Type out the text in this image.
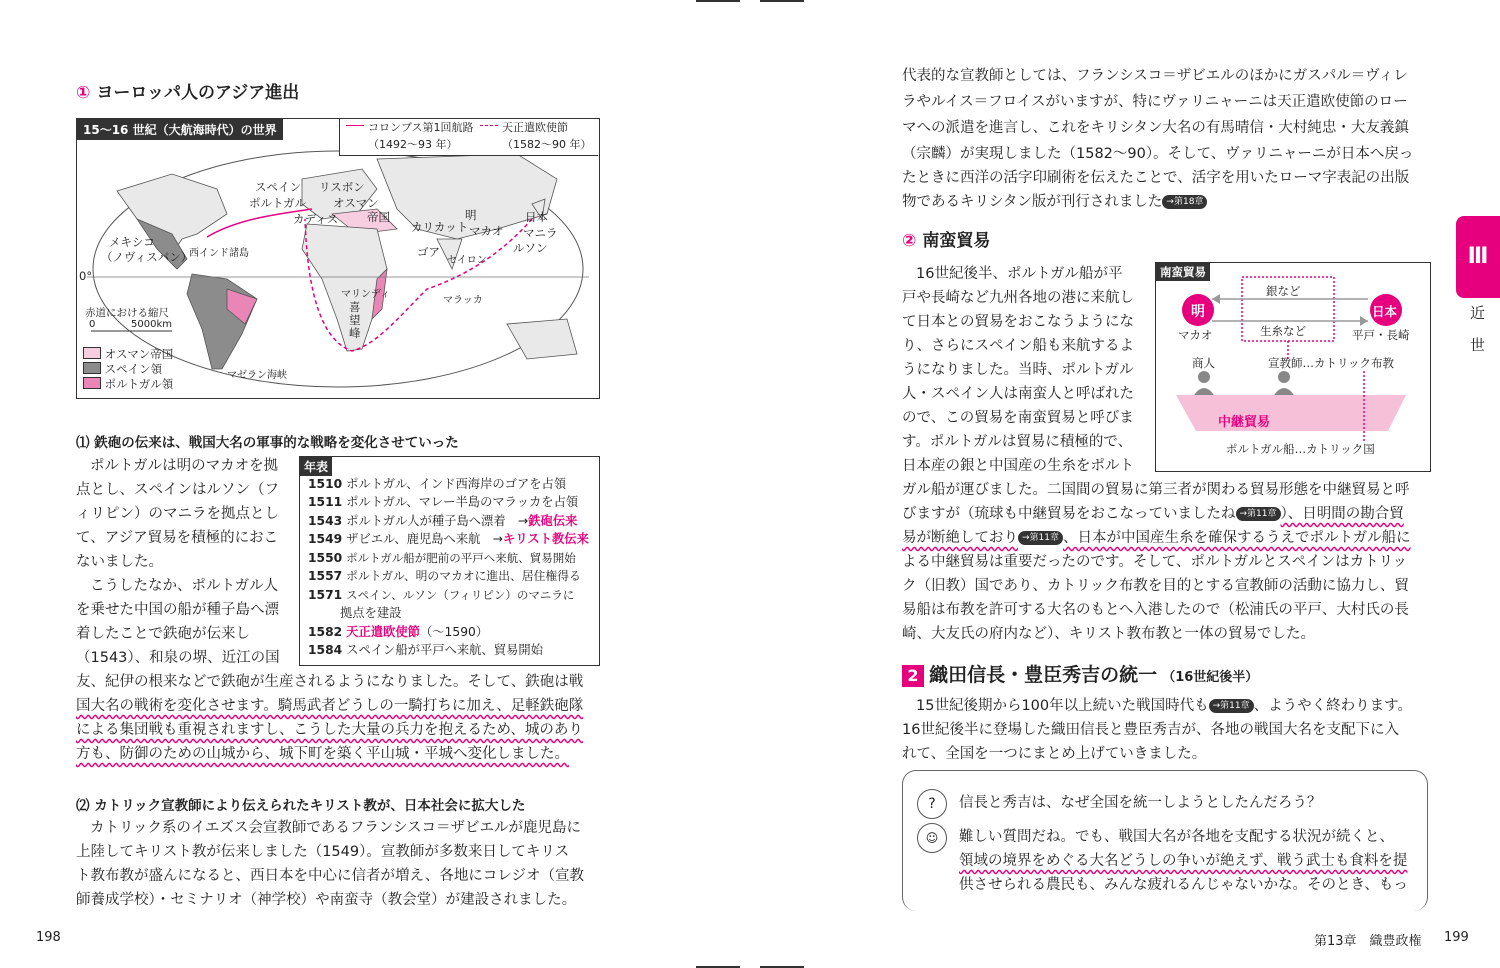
① ヨーロッパ人のアジア進出
15〜16 世紀（大航海時代）の世界	コロンブス第1回航路
（1492〜93 年）
天正遣欧使節
（1582〜90 年）
スペイン リスボン
ポルトガル オスマン
帝国
カディス
メキシコ
（ノヴィスパン）
西インド諸島
カリカット
明	日本
マカオ マニラ
ルソン
ゴア
セイロン
マリンディ
喜望峰
マラッカ
マゼラン海峡
0°
赤道における縮尺
0	5000km
オスマン帝国
スペイン領
ポルトガル領
⑴ 鉄砲の伝来は、戦国大名の軍事的な戦略を変化させていった
ポルトガルは明のマカオを拠
点とし、スペインはルソン（フ
ィリピン）のマニラを拠点とし
て、アジア貿易を積極的におこ
ないました。
こうしたなか、ポルトガル人
を乗せた中国の船が種子島へ漂
着したことで鉄砲が伝来し
（1543）、和泉の堺、近江の国
友、紀伊の根来などで鉄砲が生産されるようになりました。そして、鉄砲は戦
国大名の戦術を変化させます。騎馬武者どうしの一騎打ちに加え、足軽鉄砲隊
による集団戦も重視されますし、こうした大量の兵力を抱えるため、城のあり
方も、防御のための山城から、城下町を築く平山城・平城へ変化しました。
年表
1510 ポルトガル、インド西海岸のゴアを占領
1511 ポルトガル、マレー半島のマラッカを占領
1543 ポルトガル人が種子島へ漂着　→鉄砲伝来
1549 ザビエル、鹿児島へ来航　→キリスト教伝来
1550 ポルトガル船が肥前の平戸へ来航、貿易開始
1557 ポルトガル、明のマカオに進出、居住権得る
1571 スペイン、ルソン（フィリピン）のマニラに
拠点を建設
1582 天正遣欧使節（〜1590）
1584 スペイン船が平戸へ来航、貿易開始
⑵ カトリック宣教師により伝えられたキリスト教が、日本社会に拡大した
カトリック系のイエズス会宣教師であるフランシスコ＝ザビエルが鹿児島に
上陸してキリスト教が伝来しました（1549）。宣教師が多数来日してキリス
ト教布教が盛んになると、西日本を中心に信者が増え、各地にコレジオ（宣教
師養成学校）・セミナリオ（神学校）や南蛮寺（教会堂）が建設されました。
198
代表的な宣教師としては、フランシスコ＝ザビエルのほかにガスパル＝ヴィレ
ラやルイス＝フロイスがいますが、特にヴァリニャーニは天正遣欧使節のロー
マへの派遣を進言し、これをキリシタン大名の有馬晴信・大村純忠・大友義鎮
（宗麟）が実現しました（1582〜90）。そして、ヴァリニャーニが日本へ戻っ
たときに西洋の活字印刷術を伝えたことで、活字を用いたローマ字表記の出版
物であるキリシタン版が刊行されました →第18章
② 南蛮貿易
16世紀後半、ポルトガル船が平
戸や長崎など九州各地の港に来航し
て日本との貿易をおこなうようにな
り、さらにスペイン船も来航するよ
うになりました。当時、ポルトガル
人・スペイン人は南蛮人と呼ばれた
ので、この貿易を南蛮貿易と呼びま
す。ポルトガルは貿易に積極的で、
日本産の銀と中国産の生糸をポルト
南蛮貿易
明	日本
マカオ	平戸・長崎
銀など
生糸など
商人	宣教師…カトリック布教
中継貿易
ポルトガル船…カトリック国
ガル船が運びました。二国間の貿易に第三者が関わる貿易形態を中継貿易と呼
びますが（琉球も中継貿易をおこなっていましたね →第11章 ）、日明間の勘合貿
易が断絶しており →第11章 、日本が中国産生糸を確保するうえでポルトガル船に
よる中継貿易は重要だったのです。そして、ポルトガルとスペインはカトリッ
ク（旧教）国であり、カトリック布教を目的とする宣教師の活動に協力し、貿
易船は布教を許可する大名のもとへ入港したので（松浦氏の平戸、大村氏の長
崎、大友氏の府内など）、キリスト教布教と一体の貿易でした。
2 織田信長・豊臣秀吉の統一 （16世紀後半）
15世紀後期から100年以上続いた戦国時代も →第11章 、ようやく終わります。
16世紀後半に登場した織田信長と豊臣秀吉が、各地の戦国大名を支配下に入
れて、全国を一つにまとめ上げていきました。
?
☺
信長と秀吉は、なぜ全国を統一しようとしたんだろう？
難しい質問だね。でも、戦国大名が各地を支配する状況が続くと、
領域の境界をめぐる大名どうしの争いが絶えず、戦う武士も食料を提
供させられる農民も、みんな疲れるんじゃないかな。そのとき、もっ
第13章　織豊政権 199
Ⅲ
近
世
